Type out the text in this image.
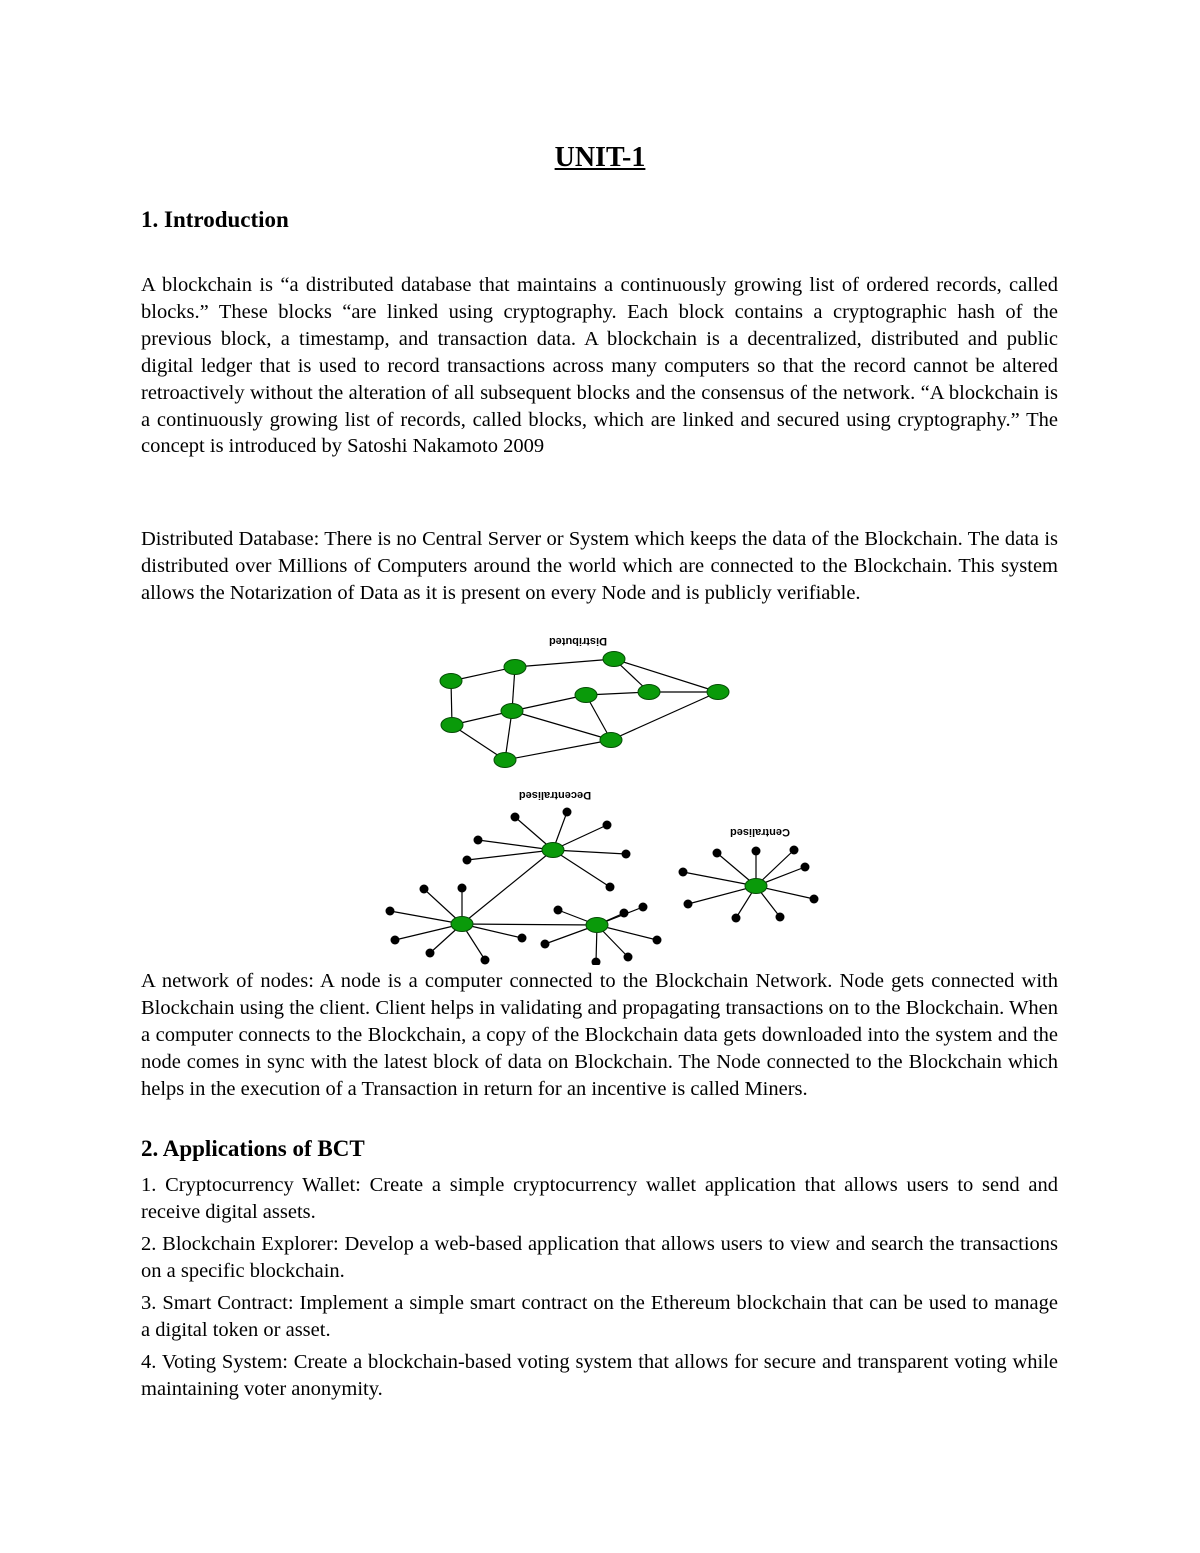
UNIT-1
1. Introduction
A blockchain is “a distributed database that maintains a continuously growing list of ordered records, called blocks.” These blocks “are linked using cryptography. Each block contains a cryptographic hash of the previous block, a timestamp, and transaction data. A blockchain is a decentralized, distributed and public digital ledger that is used to record transactions across many computers so that the record cannot be altered retroactively without the alteration of all subsequent blocks and the consensus of the network. “A blockchain is a continuously growing list of records, called blocks, which are linked and secured using cryptography.” The concept is introduced by Satoshi Nakamoto 2009
Distributed Database: There is no Central Server or System which keeps the data of the Blockchain. The data is distributed over Millions of Computers around the world which are connected to the Blockchain. This system allows the Notarization of Data as it is present on every Node and is publicly verifiable.
Distributed
Decentralised
Centralised
A network of nodes: A node is a computer connected to the Blockchain Network. Node gets connected with Blockchain using the client. Client helps in validating and propagating transactions on to the Blockchain. When a computer connects to the Blockchain, a copy of the Blockchain data gets downloaded into the system and the node comes in sync with the latest block of data on Blockchain. The Node connected to the Blockchain which helps in the execution of a Transaction in return for an incentive is called Miners.
2. Applications of BCT
1. Cryptocurrency Wallet: Create a simple cryptocurrency wallet application that allows users to send and receive digital assets.
2. Blockchain Explorer: Develop a web-based application that allows users to view and search the transactions on a specific blockchain.
3. Smart Contract: Implement a simple smart contract on the Ethereum blockchain that can be used to manage a digital token or asset.
4. Voting System: Create a blockchain-based voting system that allows for secure and transparent voting while maintaining voter anonymity.
